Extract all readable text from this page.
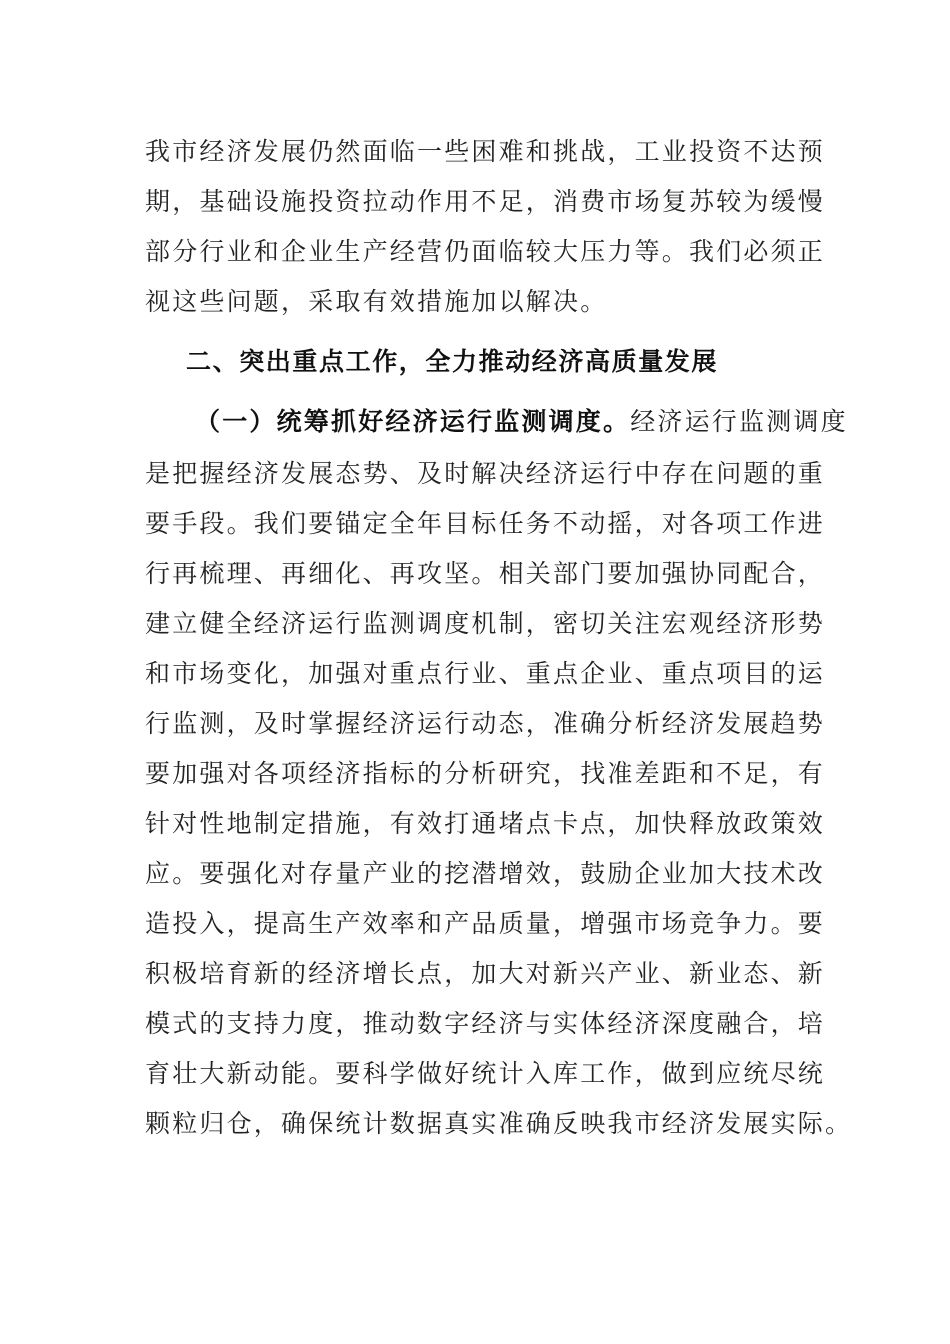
我市经济发展仍然面临一些困难和挑战，工业投资不达预
期，基础设施投资拉动作用不足，消费市场复苏较为缓慢
部分行业和企业生产经营仍面临较大压力等。我们必须正
视这些问题，采取有效措施加以解决。
二、突出重点工作，全力推动经济高质量发展
（一）统筹抓好经济运行监测调度。经济运行监测调度
是把握经济发展态势、及时解决经济运行中存在问题的重
要手段。我们要锚定全年目标任务不动摇，对各项工作进
行再梳理、再细化、再攻坚。相关部门要加强协同配合，
建立健全经济运行监测调度机制，密切关注宏观经济形势
和市场变化，加强对重点行业、重点企业、重点项目的运
行监测，及时掌握经济运行动态，准确分析经济发展趋势
要加强对各项经济指标的分析研究，找准差距和不足，有
针对性地制定措施，有效打通堵点卡点，加快释放政策效
应。要强化对存量产业的挖潜增效，鼓励企业加大技术改
造投入，提高生产效率和产品质量，增强市场竞争力。要
积极培育新的经济增长点，加大对新兴产业、新业态、新
模式的支持力度，推动数字经济与实体经济深度融合，培
育壮大新动能。要科学做好统计入库工作，做到应统尽统
颗粒归仓，确保统计数据真实准确反映我市经济发展实际。
